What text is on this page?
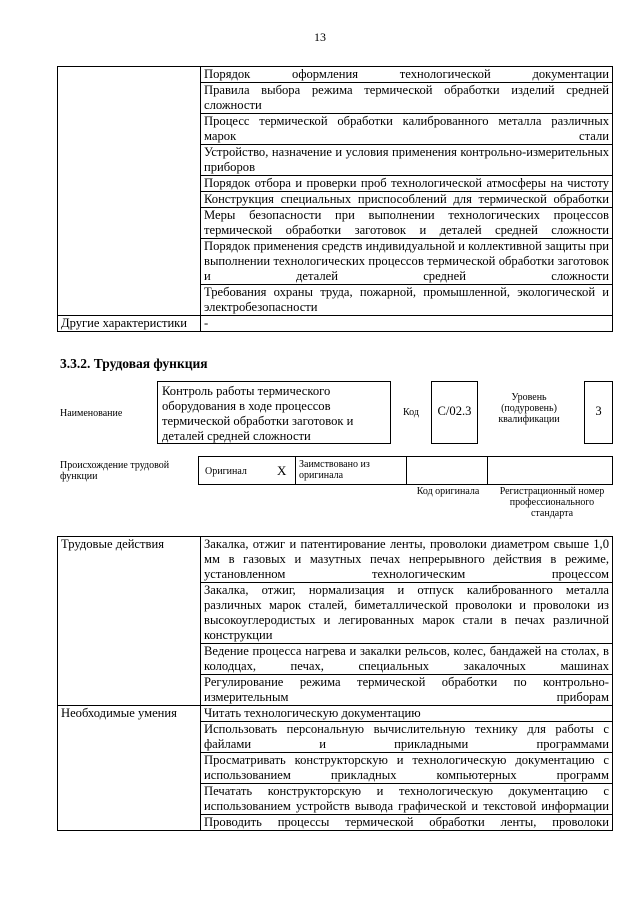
13
	Порядок оформления технологической документации
	Правила выбора режима термической обработки изделий средней сложности
	Процесс термической обработки калиброванного металла различных марок стали
	Устройство, назначение и условия применения контрольно-измерительных приборов
	Порядок отбора и проверки проб технологической атмосферы на чистоту
	Конструкция специальных приспособлений для термической обработки
	Меры безопасности при выполнении технологических процессов термической обработки заготовок и деталей средней сложности
	Порядок применения средств индивидуальной и коллективной защиты при выполнении технологических процессов термической обработки заготовок и деталей средней сложности
	Требования охраны труда, пожарной, промышленной, экологической и электробезопасности
Другие характеристики	-
3.3.2. Трудовая функция
Наименование
Контроль работы термического оборудования в ходе процессов термической обработки заготовок и деталей средней сложности
Код	C/02.3
Уровень (подуровень) квалификации
3
Происхождение трудовой функции	Оригинал X Заимствовано из оригинала
Код оригинала	Регистрационный номер профессионального стандарта
Трудовые действия	Закалка, отжиг и патентирование ленты, проволоки диаметром свыше 1,0 мм в газовых и мазутных печах непрерывного действия в режиме, установленном технологическим процессом
	Закалка, отжиг, нормализация и отпуск калиброванного металла различных марок сталей, биметаллической проволоки и проволоки из высокоуглеродистых и легированных марок стали в печах различной конструкции
	Ведение процесса нагрева и закалки рельсов, колес, бандажей на столах, в колодцах, печах, специальных закалочных машинах
	Регулирование режима термической обработки по контрольно-измерительным приборам
Необходимые умения	Читать технологическую документацию
	Использовать персональную вычислительную технику для работы с файлами и прикладными программами
	Просматривать конструкторскую и технологическую документацию с использованием прикладных компьютерных программ
	Печатать конструкторскую и технологическую документацию с использованием устройств вывода графической и текстовой информации
	Проводить процессы термической обработки ленты, проволоки
